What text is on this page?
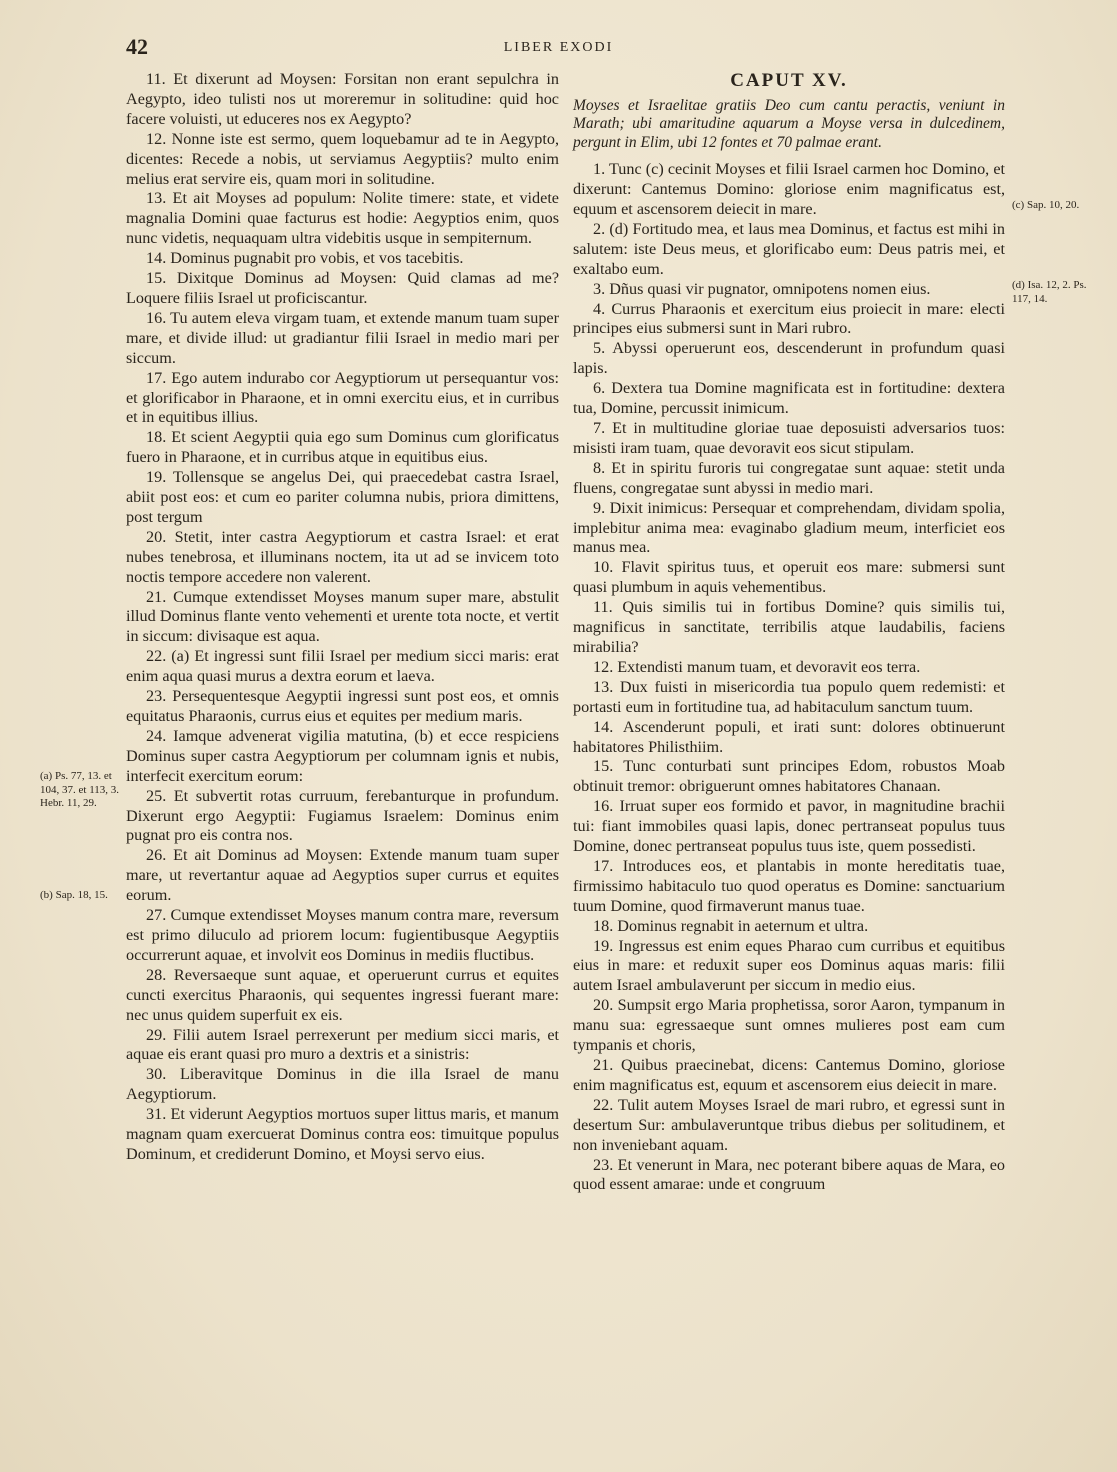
42	LIBER EXODI

11. Et dixerunt ad Moysen: Forsitan non erant sepulchra in Aegypto, ideo tulisti nos ut moreremur in solitudine: quid hoc facere voluisti, ut educeres nos ex Aegypto?

12. Nonne iste est sermo, quem loquebamur ad te in Aegypto, dicentes: Recede a nobis, ut serviamus Aegyptiis? multo enim melius erat servire eis, quam mori in solitudine.

13. Et ait Moyses ad populum: Nolite timere: state, et videte magnalia Domini quae facturus est hodie: Aegyptios enim, quos nunc videtis, nequaquam ultra videbitis usque in sempiternum.

14. Dominus pugnabit pro vobis, et vos tacebitis.

15. Dixitque Dominus ad Moysen: Quid clamas ad me? Loquere filiis Israel ut proficiscantur.

16. Tu autem eleva virgam tuam, et extende manum tuam super mare, et divide illud: ut gradiantur filii Israel in medio mari per siccum.

17. Ego autem indurabo cor Aegyptiorum ut persequantur vos: et glorificabor in Pharaone, et in omni exercitu eius, et in curribus et in equitibus illius.

18. Et scient Aegyptii quia ego sum Dominus cum glorificatus fuero in Pharaone, et in curribus atque in equitibus eius.

19. Tollensque se angelus Dei, qui praecedebat castra Israel, abiit post eos: et cum eo pariter columna nubis, priora dimittens, post tergum

20. Stetit, inter castra Aegyptiorum et castra Israel: et erat nubes tenebrosa, et illuminans noctem, ita ut ad se invicem toto noctis tempore accedere non valerent.

21. Cumque extendisset Moyses manum super mare, abstulit illud Dominus flante vento vehementi et urente tota nocte, et vertit in siccum: divisaque est aqua.

22. (a) Et ingressi sunt filii Israel per medium sicci maris: erat enim aqua quasi murus a dextra eorum et laeva.

23. Persequentesque Aegyptii ingressi sunt post eos, et omnis equitatus Pharaonis, currus eius et equites per medium maris.

24. Iamque advenerat vigilia matutina, (b) et ecce respiciens Dominus super castra Aegyptiorum per columnam ignis et nubis, interfecit exercitum eorum:

25. Et subvertit rotas curruum, ferebanturque in profundum. Dixerunt ergo Aegyptii: Fugiamus Israelem: Dominus enim pugnat pro eis contra nos.

26. Et ait Dominus ad Moysen: Extende manum tuam super mare, ut revertantur aquae ad Aegyptios super currus et equites eorum.

27. Cumque extendisset Moyses manum contra mare, reversum est primo diluculo ad priorem locum: fugientibusque Aegyptiis occurrerunt aquae, et involvit eos Dominus in mediis fluctibus.

28. Reversaeque sunt aquae, et operuerunt currus et equites cuncti exercitus Pharaonis, qui sequentes ingressi fuerant mare: nec unus quidem superfuit ex eis.

29. Filii autem Israel perrexerunt per medium sicci maris, et aquae eis erant quasi pro muro a dextris et a sinistris:

30. Liberavitque Dominus in die illa Israel de manu Aegyptiorum.

31. Et viderunt Aegyptios mortuos super littus maris, et manum magnam quam exercuerat Dominus contra eos: timuitque populus Dominum, et crediderunt Domino, et Moysi servo eius.

CAPUT XV.

Moyses et Israelitae gratiis Deo cum cantu peractis, veniunt in Marath; ubi amaritudine aquarum a Moyse versa in dulcedinem, pergunt in Elim, ubi 12 fontes et 70 palmae erant.

1. Tunc (c) cecinit Moyses et filii Israel carmen hoc Domino, et dixerunt: Cantemus Domino: gloriose enim magnificatus est, equum et ascensorem deiecit in mare.

2. (d) Fortitudo mea, et laus mea Dominus, et factus est mihi in salutem: iste Deus meus, et glorificabo eum: Deus patris mei, et exaltabo eum.

3. Dñus quasi vir pugnator, omnipotens nomen eius.

4. Currus Pharaonis et exercitum eius proiecit in mare: electi principes eius submersi sunt in Mari rubro.

5. Abyssi operuerunt eos, descenderunt in profundum quasi lapis.

6. Dextera tua Domine magnificata est in fortitudine: dextera tua, Domine, percussit inimicum.

7. Et in multitudine gloriae tuae deposuisti adversarios tuos: misisti iram tuam, quae devoravit eos sicut stipulam.

8. Et in spiritu furoris tui congregatae sunt aquae: stetit unda fluens, congregatae sunt abyssi in medio mari.

9. Dixit inimicus: Persequar et comprehendam, dividam spolia, implebitur anima mea: evaginabo gladium meum, interficiet eos manus mea.

10. Flavit spiritus tuus, et operuit eos mare: submersi sunt quasi plumbum in aquis vehementibus.

11. Quis similis tui in fortibus Domine? quis similis tui, magnificus in sanctitate, terribilis atque laudabilis, faciens mirabilia?

12. Extendisti manum tuam, et devoravit eos terra.

13. Dux fuisti in misericordia tua populo quem redemisti: et portasti eum in fortitudine tua, ad habitaculum sanctum tuum.

14. Ascenderunt populi, et irati sunt: dolores obtinuerunt habitatores Philisthiim.

15. Tunc conturbati sunt principes Edom, robustos Moab obtinuit tremor: obriguerunt omnes habitatores Chanaan.

16. Irruat super eos formido et pavor, in magnitudine brachii tui: fiant immobiles quasi lapis, donec pertranseat populus tuus Domine, donec pertranseat populus tuus iste, quem possedisti.

17. Introduces eos, et plantabis in monte hereditatis tuae, firmissimo habitaculo tuo quod operatus es Domine: sanctuarium tuum Domine, quod firmaverunt manus tuae.

18. Dominus regnabit in aeternum et ultra.

19. Ingressus est enim eques Pharao cum curribus et equitibus eius in mare: et reduxit super eos Dominus aquas maris: filii autem Israel ambulaverunt per siccum in medio eius.

20. Sumpsit ergo Maria prophetissa, soror Aaron, tympanum in manu sua: egressaeque sunt omnes mulieres post eam cum tympanis et choris,

21. Quibus praecinebat, dicens: Cantemus Domino, gloriose enim magnificatus est, equum et ascensorem eius deiecit in mare.

22. Tulit autem Moyses Israel de mari rubro, et egressi sunt in desertum Sur: ambulaveruntque tribus diebus per solitudinem, et non inveniebant aquam.

23. Et venerunt in Mara, nec poterant bibere aquas de Mara, eo quod essent amarae: unde et congruum

(a) Ps. 77, 13. et 104, 37. et 113, 3. Hebr. 11, 29.
(b) Sap. 18, 15.
(c) Sap. 10, 20.
(d) Isa. 12, 2. Ps. 117, 14.
